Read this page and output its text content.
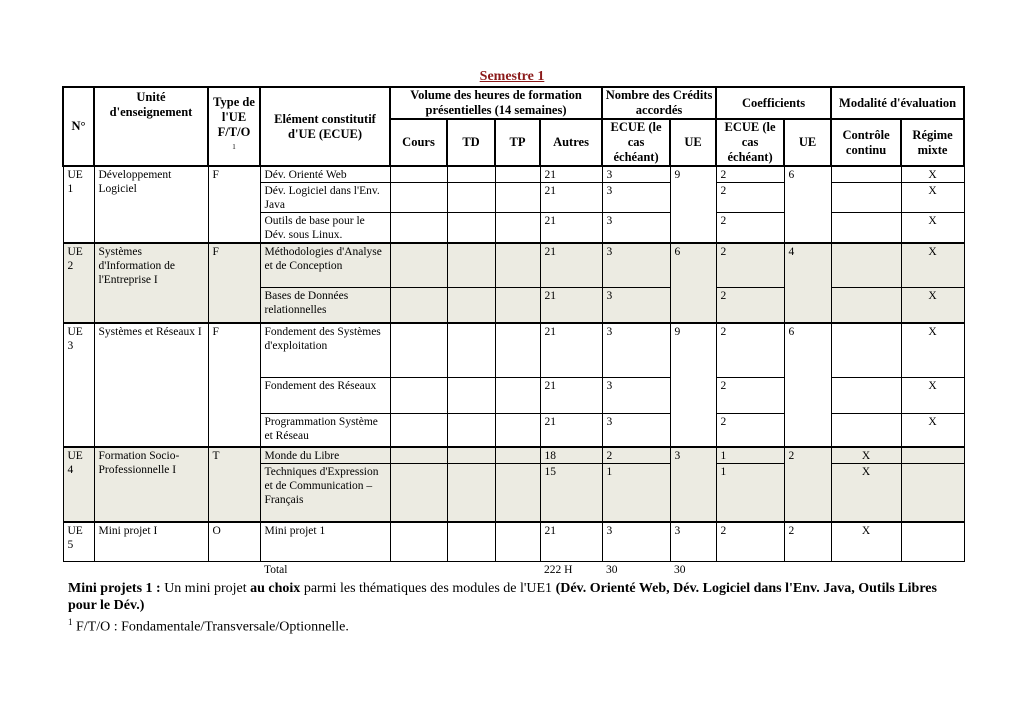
Semestre 1
N°	Unité d'enseignement	Type de l'UE F/T/O
$^1$	Elément constitutif d'UE (ECUE)	Volume des heures de formation présentielles (14 semaines)				Nombre des Crédits accordés		Coefficients		Modalité d'évaluation	
				Cours	TD	TP	Autres	ECUE (le cas échéant)	UE	ECUE (le cas échéant)	UE	Contrôle continu	Régime mixte
UE 1	Développement Logiciel	F	Dév. Orienté Web				21	3	9	2	6		X
			Dév. Logiciel dans l'Env. Java				21	3		2			X
			Outils de base pour le Dév. sous Linux.				21	3		2			X
UE 2	Systèmes d'Information de l'Entreprise I	F	Méthodologies d'Analyse et de Conception				21	3	6	2	4		X
			Bases de Données relationnelles				21	3		2			X
UE 3	Systèmes et Réseaux I	F	Fondement des Systèmes d'exploitation				21	3	9	2	6		X
			Fondement des Réseaux				21	3		2			X
			Programmation Système et Réseau				21	3		2			X
UE 4	Formation Socio-Professionnelle I	T	Monde du Libre				18	2	3	1	2	X	
			Techniques d'Expression et de Communication – Français				15	1		1		X	
UE 5	Mini projet I	O	Mini projet 1				21	3	3	2	2	X	
			Total				222 H	30	30				

Mini projets 1 : Un mini projet au choix parmi les thématiques des modules de l'UE1 (Dév. Orienté Web, Dév. Logiciel dans l'Env. Java, Outils Libres pour le Dév.)

$^1$ F/T/O : Fondamentale/Transversale/Optionnelle.
